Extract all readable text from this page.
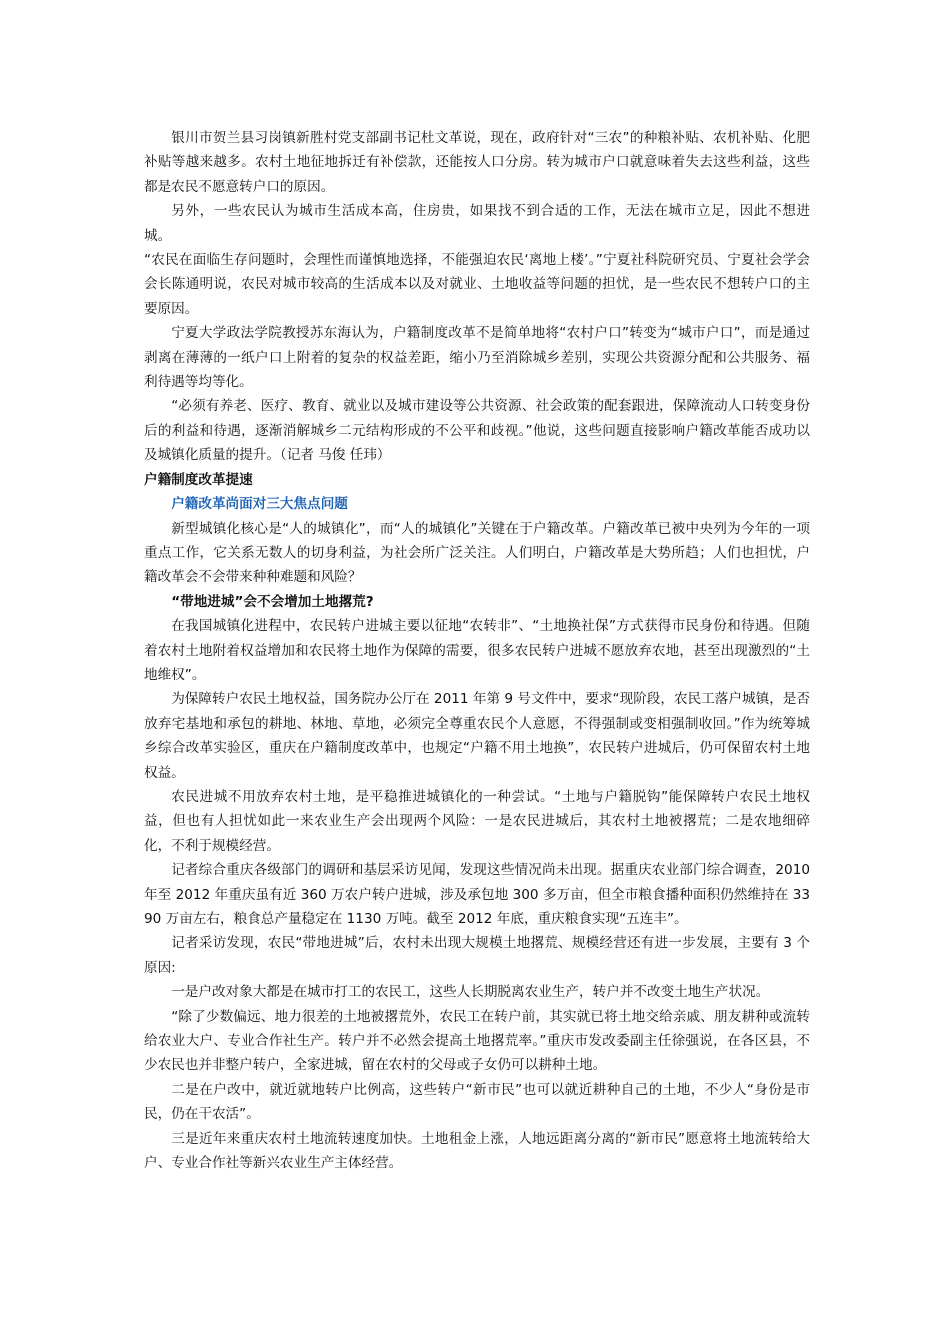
银川市贺兰县习岗镇新胜村党支部副书记杜文革说，现在，政府针对“三农”的种粮补贴、农机补贴、化肥补贴等越来越多。农村土地征地拆迁有补偿款，还能按人口分房。转为城市户口就意味着失去这些利益，这些都是农民不愿意转户口的原因。

另外，一些农民认为城市生活成本高，住房贵，如果找不到合适的工作，无法在城市立足，因此不想进城。

“农民在面临生存问题时，会理性而谨慎地选择，不能强迫农民‘离地上楼’。”宁夏社科院研究员、宁夏社会学会会长陈通明说，农民对城市较高的生活成本以及对就业、土地收益等问题的担忧，是一些农民不想转户口的主要原因。

宁夏大学政法学院教授苏东海认为，户籍制度改革不是简单地将“农村户口”转变为“城市户口”，而是通过剥离在薄薄的一纸户口上附着的复杂的权益差距，缩小乃至消除城乡差别，实现公共资源分配和公共服务、福利待遇等均等化。

“必须有养老、医疗、教育、就业以及城市建设等公共资源、社会政策的配套跟进，保障流动人口转变身份后的利益和待遇，逐渐消解城乡二元结构形成的不公平和歧视。”他说，这些问题直接影响户籍改革能否成功以及城镇化质量的提升。（记者 马俊 任玮）

户籍制度改革提速

户籍改革尚面对三大焦点问题

新型城镇化核心是“人的城镇化”，而“人的城镇化”关键在于户籍改革。户籍改革已被中央列为今年的一项重点工作，它关系无数人的切身利益，为社会所广泛关注。人们明白，户籍改革是大势所趋；人们也担忧，户籍改革会不会带来种种难题和风险？

“带地进城”会不会增加土地撂荒?

在我国城镇化进程中，农民转户进城主要以征地“农转非”、“土地换社保”方式获得市民身份和待遇。但随着农村土地附着权益增加和农民将土地作为保障的需要，很多农民转户进城不愿放弃农地，甚至出现激烈的“土地维权”。

为保障转户农民土地权益，国务院办公厅在 2011 年第 9 号文件中，要求“现阶段，农民工落户城镇，是否放弃宅基地和承包的耕地、林地、草地，必须完全尊重农民个人意愿，不得强制或变相强制收回。”作为统筹城乡综合改革实验区，重庆在户籍制度改革中，也规定“户籍不用土地换”，农民转户进城后，仍可保留农村土地权益。

农民进城不用放弃农村土地，是平稳推进城镇化的一种尝试。“土地与户籍脱钩”能保障转户农民土地权益，但也有人担忧如此一来农业生产会出现两个风险：一是农民进城后，其农村土地被撂荒；二是农地细碎化，不利于规模经营。

记者综合重庆各级部门的调研和基层采访见闻，发现这些情况尚未出现。据重庆农业部门综合调查，2010 年至 2012 年重庆虽有近 360 万农户转户进城，涉及承包地 300 多万亩，但全市粮食播种面积仍然维持在 3390 万亩左右，粮食总产量稳定在 1130 万吨。截至 2012 年底，重庆粮食实现“五连丰”。

记者采访发现，农民“带地进城”后，农村未出现大规模土地撂荒、规模经营还有进一步发展，主要有 3 个原因:

一是户改对象大都是在城市打工的农民工，这些人长期脱离农业生产，转户并不改变土地生产状况。

“除了少数偏远、地力很差的土地被撂荒外，农民工在转户前，其实就已将土地交给亲戚、朋友耕种或流转给农业大户、专业合作社生产。转户并不必然会提高土地撂荒率。”重庆市发改委副主任徐强说，在各区县，不少农民也并非整户转户，全家进城，留在农村的父母或子女仍可以耕种土地。

二是在户改中，就近就地转户比例高，这些转户“新市民”也可以就近耕种自己的土地，不少人“身份是市民，仍在干农活”。

三是近年来重庆农村土地流转速度加快。土地租金上涨，人地远距离分离的“新市民”愿意将土地流转给大户、专业合作社等新兴农业生产主体经营。
